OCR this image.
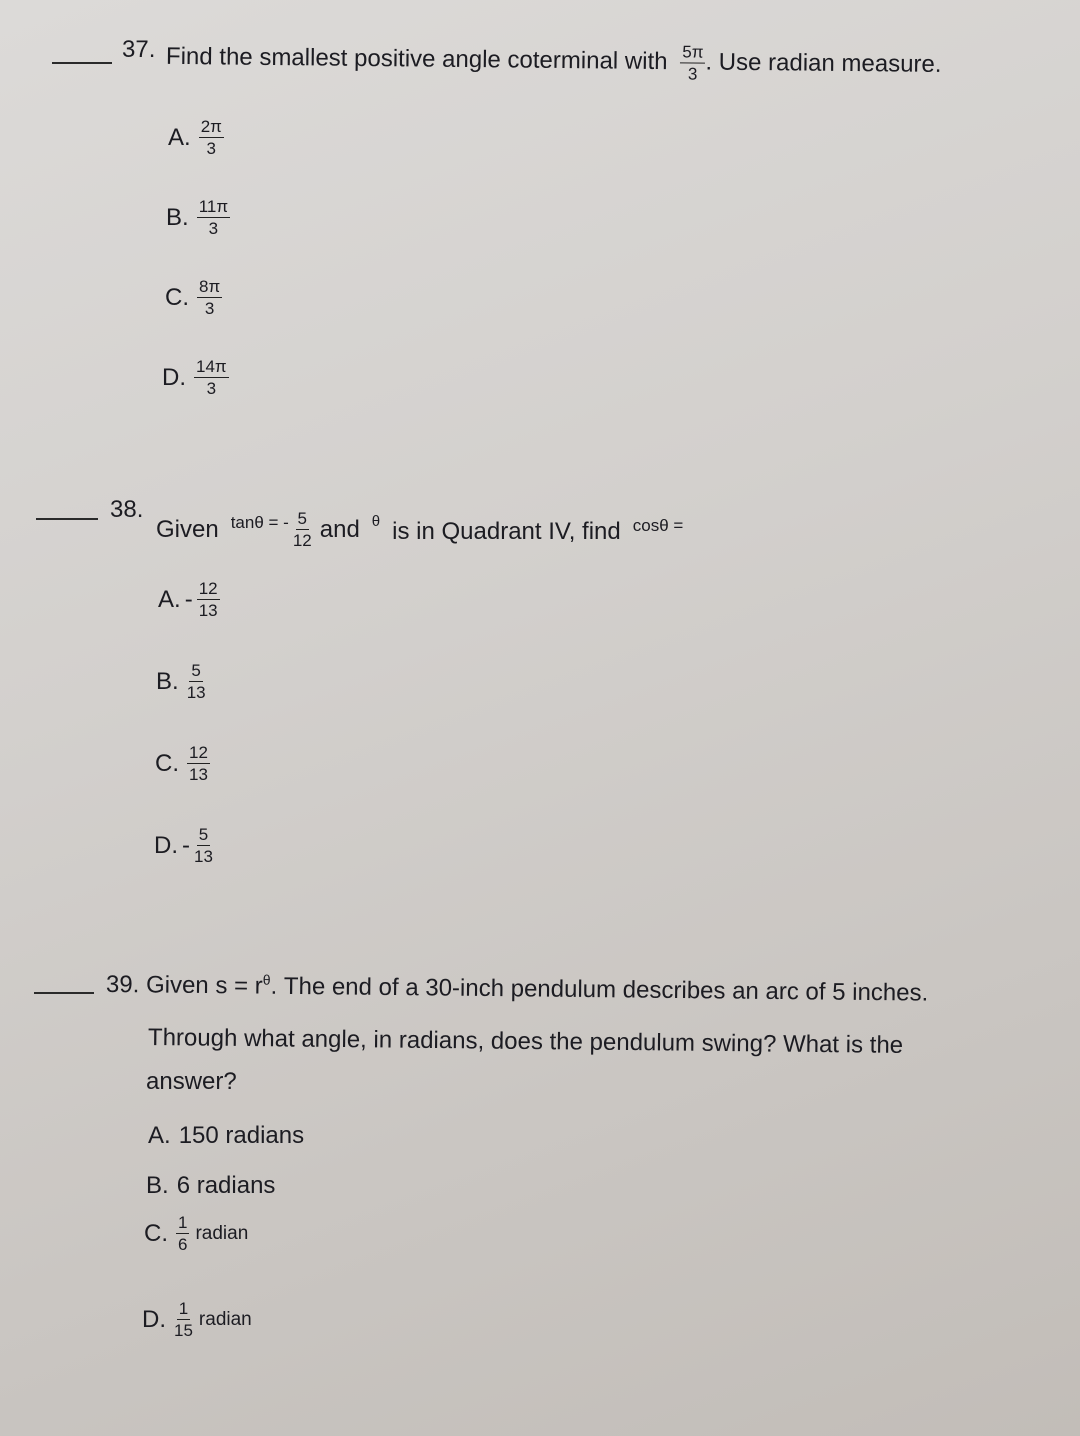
37. Find the smallest positive angle coterminal with $\frac{5\pi}{3}$ . Use radian measure.
A. $\frac{2\pi}{3}$
B. $\frac{11\pi}{3}$
C. $\frac{8\pi}{3}$
D. $\frac{14\pi}{3}$
38.
Given tanθ = - $\frac{5}{12}$ and θ is in Quadrant IV, find cosθ =
A. - $\frac{12}{13}$
B. $\frac{5}{13}$
C. $\frac{12}{13}$
D. - $\frac{5}{13}$
39. Given $s = r^\theta$. The end of a 30-inch pendulum describes an arc of 5 inches.
Through what angle, in radians, does the pendulum swing? What is the
answer?
A. 150 radians
B. 6 radians
C. $\frac{1}{6}$ radian
D. $\frac{1}{15}$ radian
